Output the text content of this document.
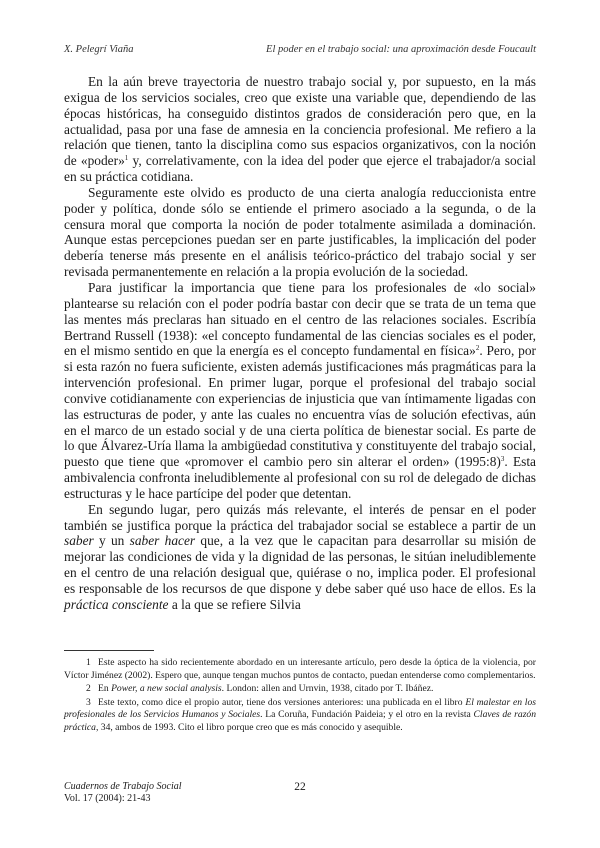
X. Pelegrí Viaña	El poder en el trabajo social: una aproximación desde Foucault

En la aún breve trayectoria de nuestro trabajo social y, por supuesto, en la más exigua de los servicios sociales, creo que existe una variable que, dependiendo de las épocas históricas, ha conseguido distintos grados de consideración pero que, en la actualidad, pasa por una fase de amnesia en la conciencia profesional. Me refiero a la relación que tienen, tanto la disciplina como sus espacios organizativos, con la noción de «poder»$^1$ y, correlativamente, con la idea del poder que ejerce el trabajador/a social en su práctica cotidiana.

Seguramente este olvido es producto de una cierta analogía reduccionista entre poder y política, donde sólo se entiende el primero asociado a la segunda, o de la censura moral que comporta la noción de poder totalmente asimilada a dominación. Aunque estas percepciones puedan ser en parte justificables, la implicación del poder debería tenerse más presente en el análisis teórico-práctico del trabajo social y ser revisada permanentemente en relación a la propia evolución de la sociedad.

Para justificar la importancia que tiene para los profesionales de «lo social» plantearse su relación con el poder podría bastar con decir que se trata de un tema que las mentes más preclaras han situado en el centro de las relaciones sociales. Escribía Bertrand Russell (1938): «el concepto fundamental de las ciencias sociales es el poder, en el mismo sentido en que la energía es el concepto fundamental en física»$^2$. Pero, por si esta razón no fuera suficiente, existen además justificaciones más pragmáticas para la intervención profesional. En primer lugar, porque el profesional del trabajo social convive cotidianamente con experiencias de injusticia que van íntimamente ligadas con las estructuras de poder, y ante las cuales no encuentra vías de solución efectivas, aún en el marco de un estado social y de una cierta política de bienestar social. Es parte de lo que Álvarez-Uría llama la ambigüedad constitutiva y constituyente del trabajo social, puesto que tiene que «promover el cambio pero sin alterar el orden» (1995:8)$^3$. Esta ambivalencia confronta ineludiblemente al profesional con su rol de delegado de dichas estructuras y le hace partícipe del poder que detentan.

En segundo lugar, pero quizás más relevante, el interés de pensar en el poder también se justifica porque la práctica del trabajador social se establece a partir de un saber y un saber hacer que, a la vez que le capacitan para desarrollar su misión de mejorar las condiciones de vida y la dignidad de las personas, le sitúan ineludiblemente en el centro de una relación desigual que, quiérase o no, implica poder. El profesional es responsable de los recursos de que dispone y debe saber qué uso hace de ellos. Es la práctica consciente a la que se refiere Silvia

1 Este aspecto ha sido recientemente abordado en un interesante artículo, pero desde la óptica de la violencia, por Víctor Jiménez (2002). Espero que, aunque tengan muchos puntos de contacto, puedan entenderse como complementarios.

2 En Power, a new social analysis. London: allen and Urnvin, 1938, citado por T. Ibáñez.

3 Este texto, como dice el propio autor, tiene dos versiones anteriores: una publicada en el libro El malestar en los profesionales de los Servicios Humanos y Sociales. La Coruña, Fundación Paideia; y el otro en la revista Claves de razón práctica, 34, ambos de 1993. Cito el libro porque creo que es más conocido y asequible.

Cuadernos de Trabajo Social
Vol. 17 (2004): 21-43
22
